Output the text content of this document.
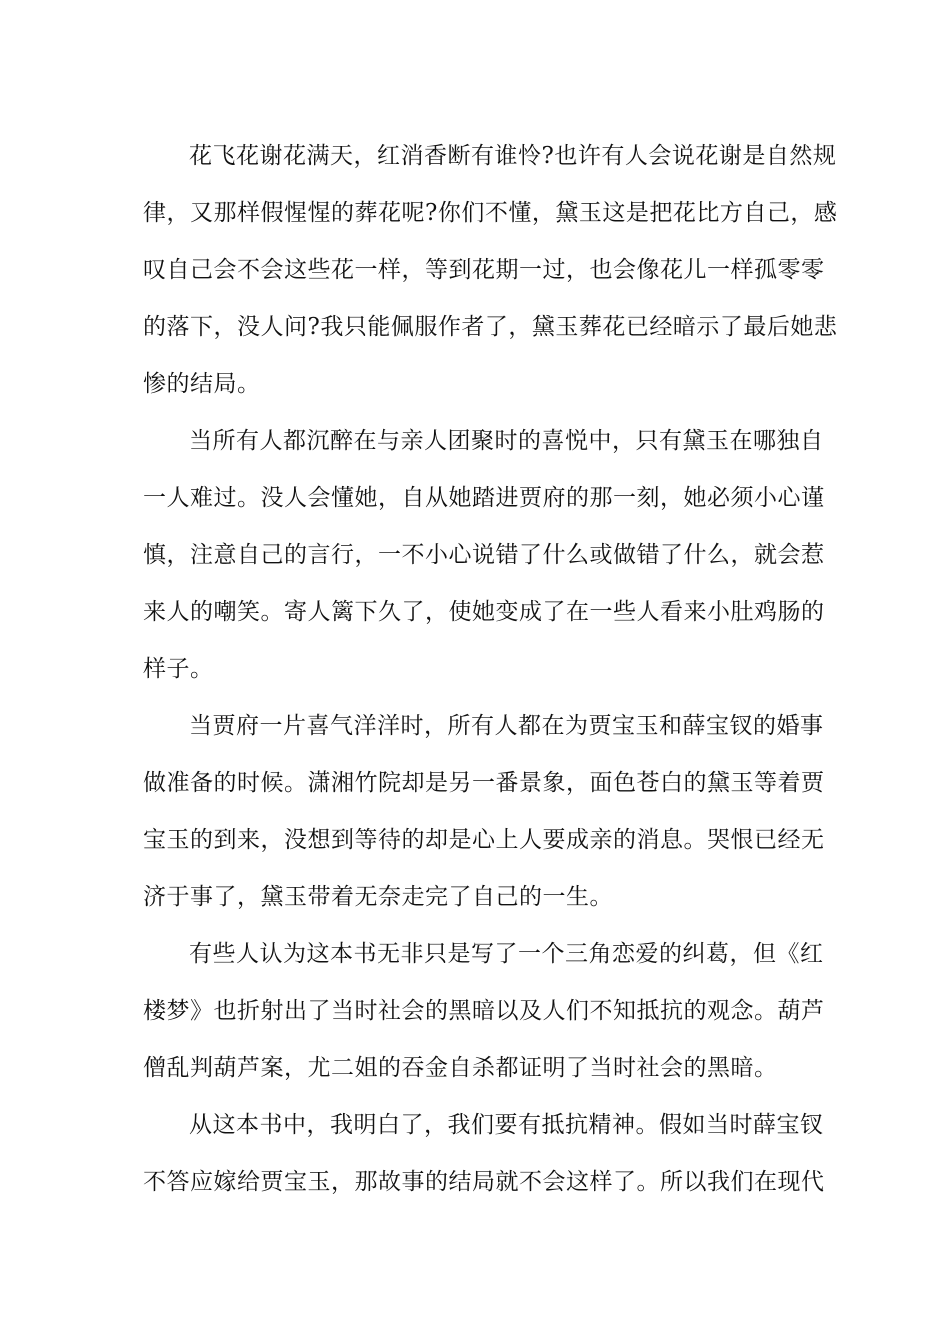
花飞花谢花满天，红消香断有谁怜?也许有人会说花谢是自然规
律，又那样假惺惺的葬花呢?你们不懂，黛玉这是把花比方自己，感
叹自己会不会这些花一样，等到花期一过，也会像花儿一样孤零零
的落下，没人问?我只能佩服作者了，黛玉葬花已经暗示了最后她悲
惨的结局。
当所有人都沉醉在与亲人团聚时的喜悦中，只有黛玉在哪独自
一人难过。没人会懂她，自从她踏进贾府的那一刻，她必须小心谨
慎，注意自己的言行，一不小心说错了什么或做错了什么，就会惹
来人的嘲笑。寄人篱下久了，使她变成了在一些人看来小肚鸡肠的
样子。
当贾府一片喜气洋洋时，所有人都在为贾宝玉和薛宝钗的婚事
做准备的时候。潇湘竹院却是另一番景象，面色苍白的黛玉等着贾
宝玉的到来，没想到等待的却是心上人要成亲的消息。哭恨已经无
济于事了，黛玉带着无奈走完了自己的一生。
有些人认为这本书无非只是写了一个三角恋爱的纠葛，但《红
楼梦》也折射出了当时社会的黑暗以及人们不知抵抗的观念。葫芦
僧乱判葫芦案，尤二姐的吞金自杀都证明了当时社会的黑暗。
从这本书中，我明白了，我们要有抵抗精神。假如当时薛宝钗
不答应嫁给贾宝玉，那故事的结局就不会这样了。所以我们在现代
